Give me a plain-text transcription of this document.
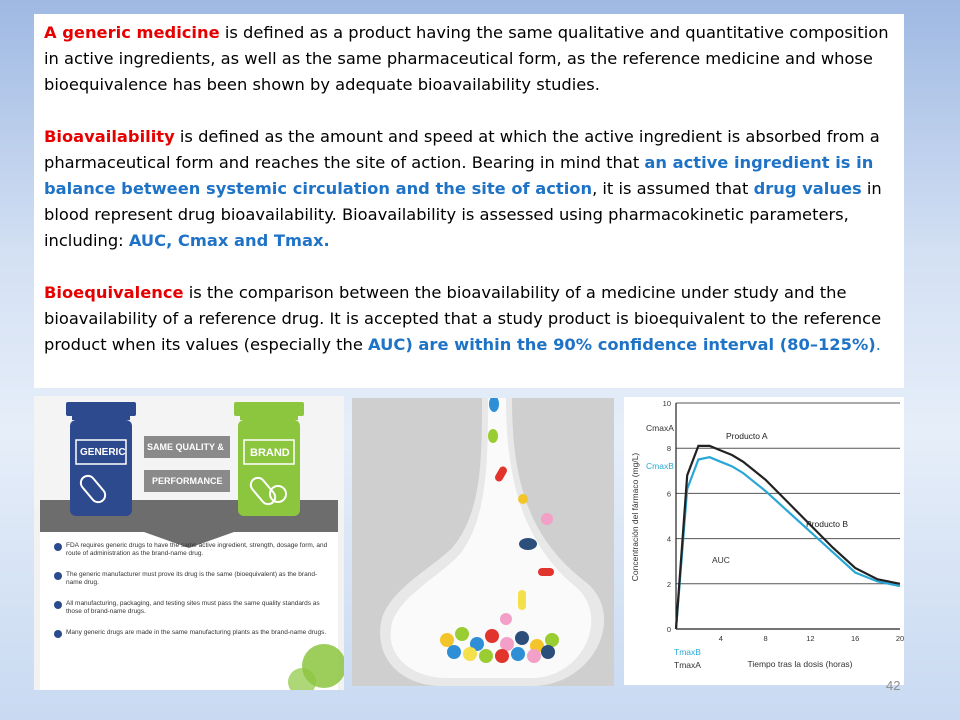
A generic medicine is defined as a product having the same qualitative and quantitative composition in active ingredients, as well as the same pharmaceutical form, as the reference medicine and whose bioequivalence has been shown by adequate bioavailability studies.

Bioavailability is defined as the amount and speed at which the active ingredient is absorbed from a pharmaceutical form and reaches the site of action. Bearing in mind that an active ingredient is in balance between systemic circulation and the site of action, it is assumed that drug values in blood represent drug bioavailability. Bioavailability is assessed using pharmacokinetic parameters, including: AUC, Cmax and Tmax.

Bioequivalence is the comparison between the bioavailability of a medicine under study and the bioavailability of a reference drug. It is accepted that a study product is bioequivalent to the reference product when its values (especially the AUC) are within the 90% confidence interval (80–125%).

GENERIC	BRAND
SAME QUALITY &
PERFORMANCE
FDA requires generic drugs to have the same active ingredient, strength, dosage form, and route of administration as the brand-name drug.
The generic manufacturer must prove its drug is the same (bioequivalent) as the brand-name drug.
All manufacturing, packaging, and testing sites must pass the same quality standards as those of brand-name drugs.
Many generic drugs are made in the same manufacturing plants as the brand-name drugs.	0
2
4
6
8
10
4	8	12	16	20
Concentración del fármaco (mg/L)
Tiempo tras la dosis (horas)
CmaxA
CmaxB
Producto A
Producto B
AUC
TmaxB
TmaxA
42
